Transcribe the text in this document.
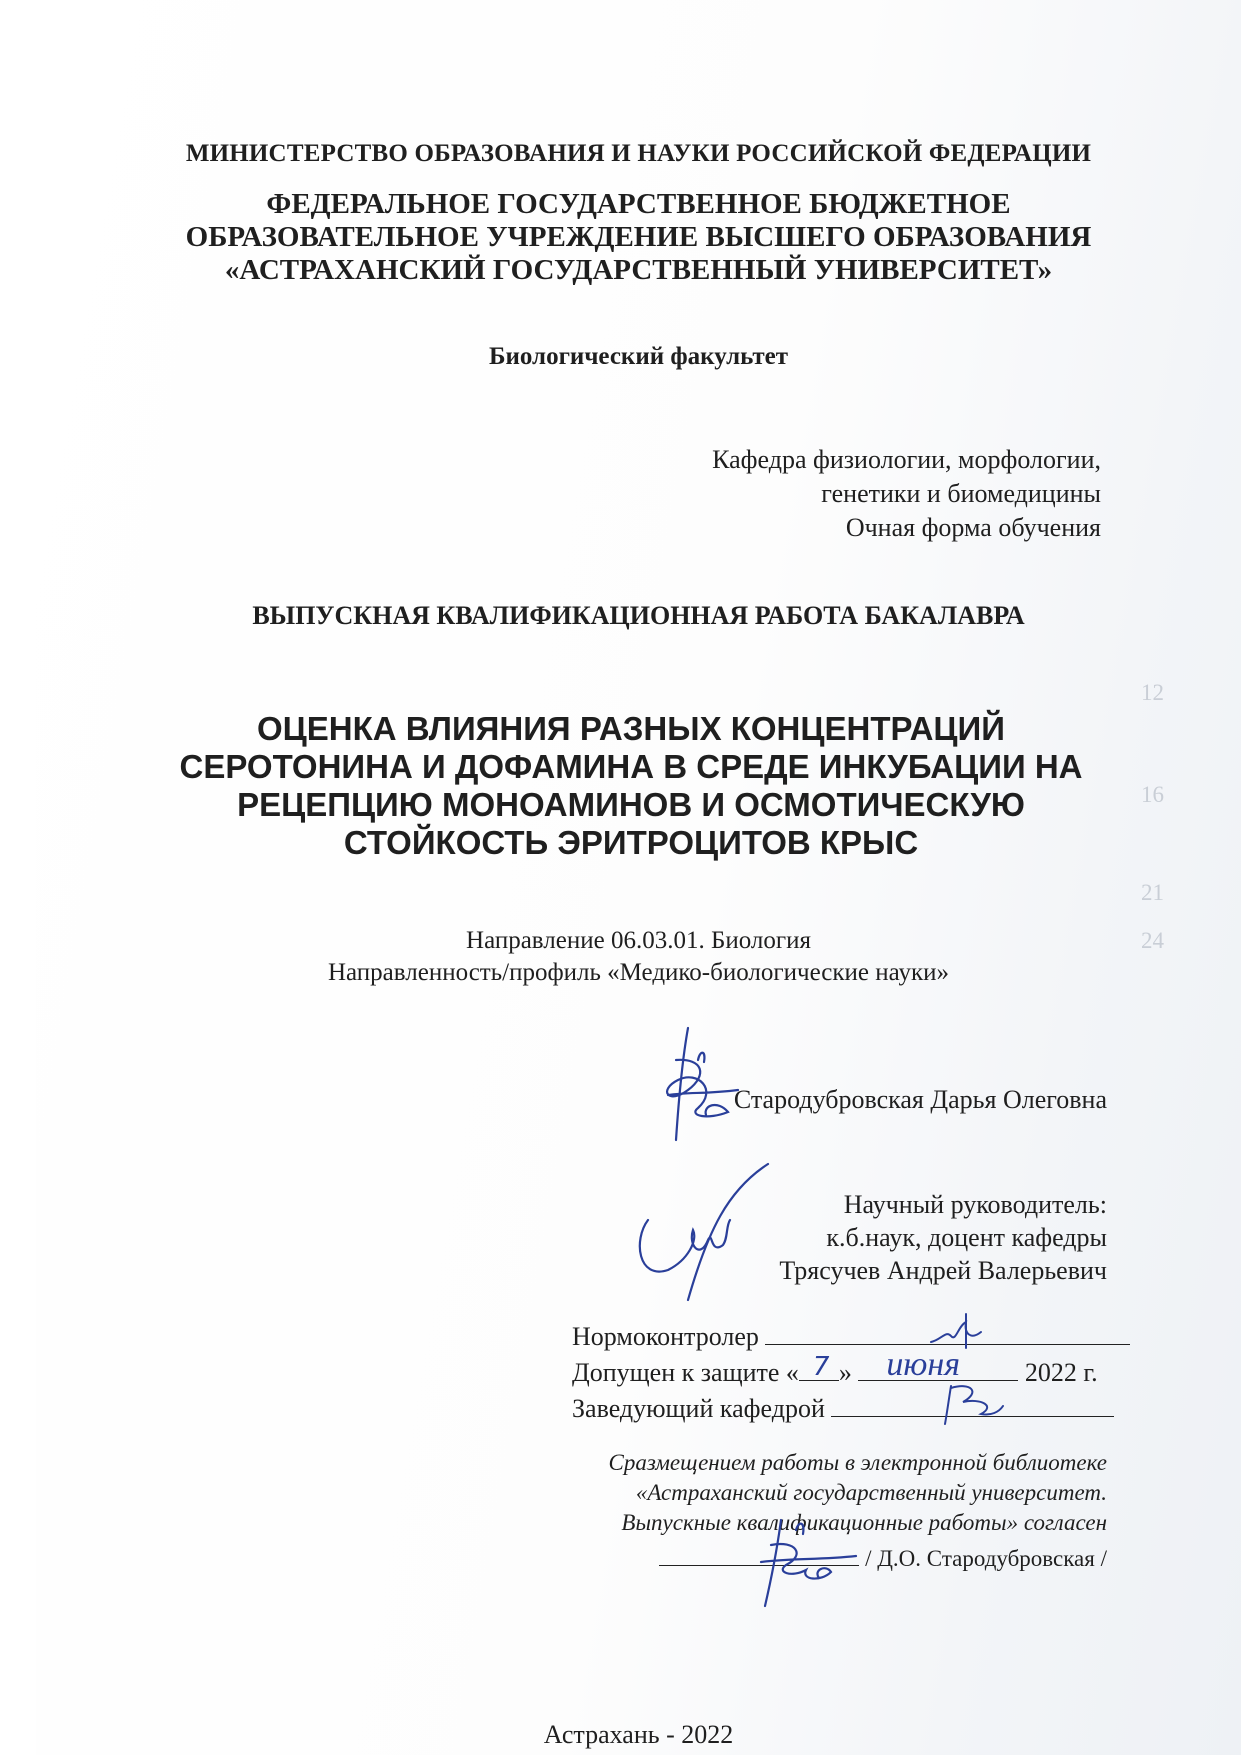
12
16
21
24

МИНИСТЕРСТВО ОБРАЗОВАНИЯ И НАУКИ РОССИЙСКОЙ ФЕДЕРАЦИИ

ФЕДЕРАЛЬНОЕ ГОСУДАРСТВЕННОЕ БЮДЖЕТНОЕ
ОБРАЗОВАТЕЛЬНОЕ УЧРЕЖДЕНИЕ ВЫСШЕГО ОБРАЗОВАНИЯ
«АСТРАХАНСКИЙ ГОСУДАРСТВЕННЫЙ УНИВЕРСИТЕТ»

Биологический факультет

Кафедра физиологии, морфологии,
генетики и биомедицины
Очная форма обучения

ВЫПУСКНАЯ КВАЛИФИКАЦИОННАЯ РАБОТА БАКАЛАВРА

ОЦЕНКА ВЛИЯНИЯ РАЗНЫХ КОНЦЕНТРАЦИЙ
СЕРОТОНИНА И ДОФАМИНА В СРЕДЕ ИНКУБАЦИИ НА
РЕЦЕПЦИЮ МОНОАМИНОВ И ОСМОТИЧЕСКУЮ
СТОЙКОСТЬ ЭРИТРОЦИТОВ КРЫС
Направление 06.03.01. Биология
Направленность/профиль «Медико-биологические науки»

Стародубровская Дарья Олеговна

Научный руководитель:
к.б.наук, доцент кафедры
Трясучев Андрей Валерьевич
Нормоконтролер
Допущен к защите « 7 » июня 2022 г.
Заведующий кафедрой
Сразмещением работы в электронной библиотеке
«Астраханский государственный университет.
Выпускные квалификационные работы» согласен
/ Д.О. Стародубровская /

Астрахань - 2022
